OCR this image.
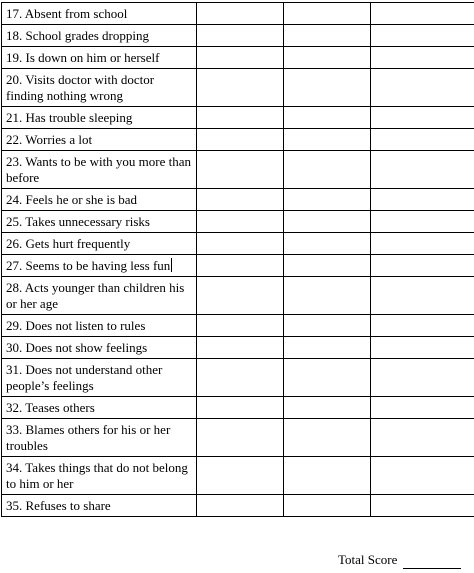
17. Absent from school			
18. School grades dropping			
19. Is down on him or herself			
20. Visits doctor with doctor finding nothing wrong			
21. Has trouble sleeping			
22. Worries a lot			
23. Wants to be with you more than before			
24. Feels he or she is bad			
25. Takes unnecessary risks			
26. Gets hurt frequently			
27. Seems to be having less fun			
28. Acts younger than children his or her age			
29. Does not listen to rules			
30. Does not show feelings			
31. Does not understand other people’s feelings			
32. Teases others			
33. Blames others for his or her troubles			
34. Takes things that do not belong to him or her			
35. Refuses to share			
Total Score
